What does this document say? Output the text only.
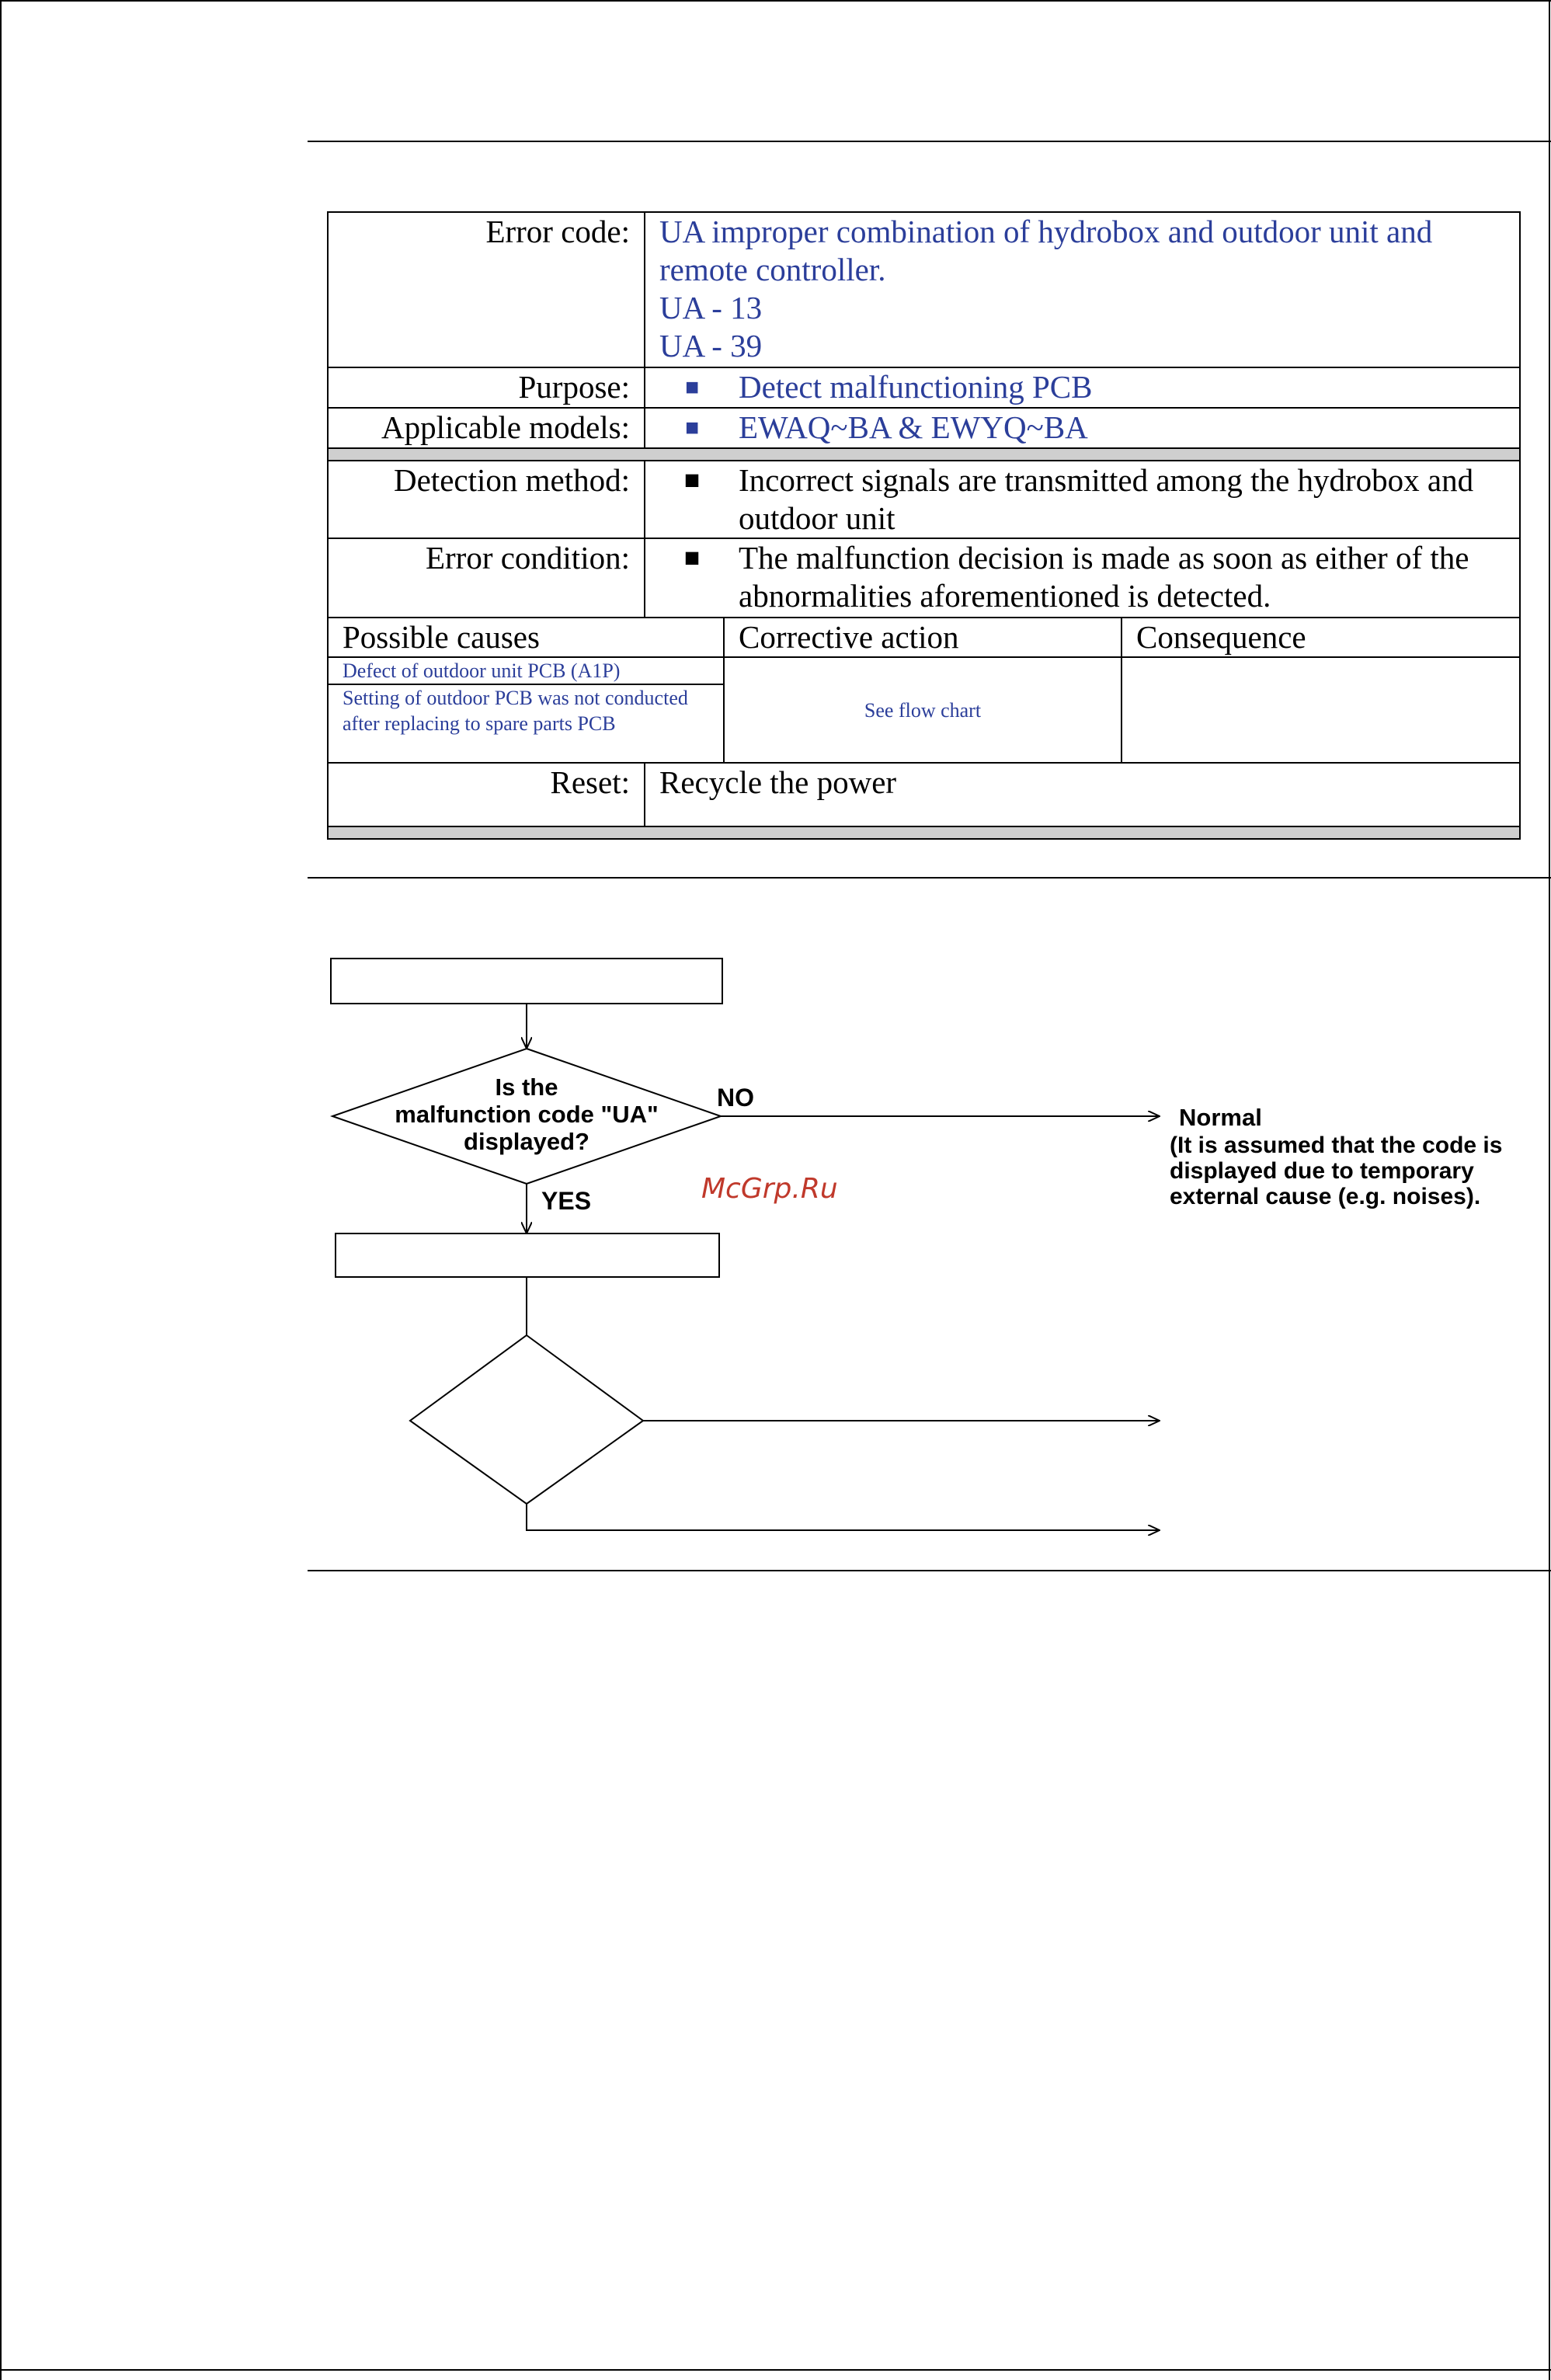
Error code:	UA improper combination of hydrobox and outdoor unit and
remote controller.
UA - 13
UA - 39		

Purpose:	■ Detect malfunctioning PCB		

Applicable models:	■ EWAQ~BA & EWYQ~BA		

Detection method:	■ Incorrect signals are transmitted among the hydrobox and outdoor unit		

Error condition:	■ The malfunction decision is made as soon as either of the abnormalities aforementioned is detected.		

Possible causes		Corrective action	Consequence

Defect of outdoor unit PCB (A1P)
Setting of outdoor PCB was not conducted after replacing to spare parts PCB		See flow chart	
Reset:	Recycle the power		

Is the
malfunction code "UA"
displayed?
NO
Normal
(It is assumed that the code is
displayed due to temporary
external cause (e.g. noises).
YES	McGrp.Ru
